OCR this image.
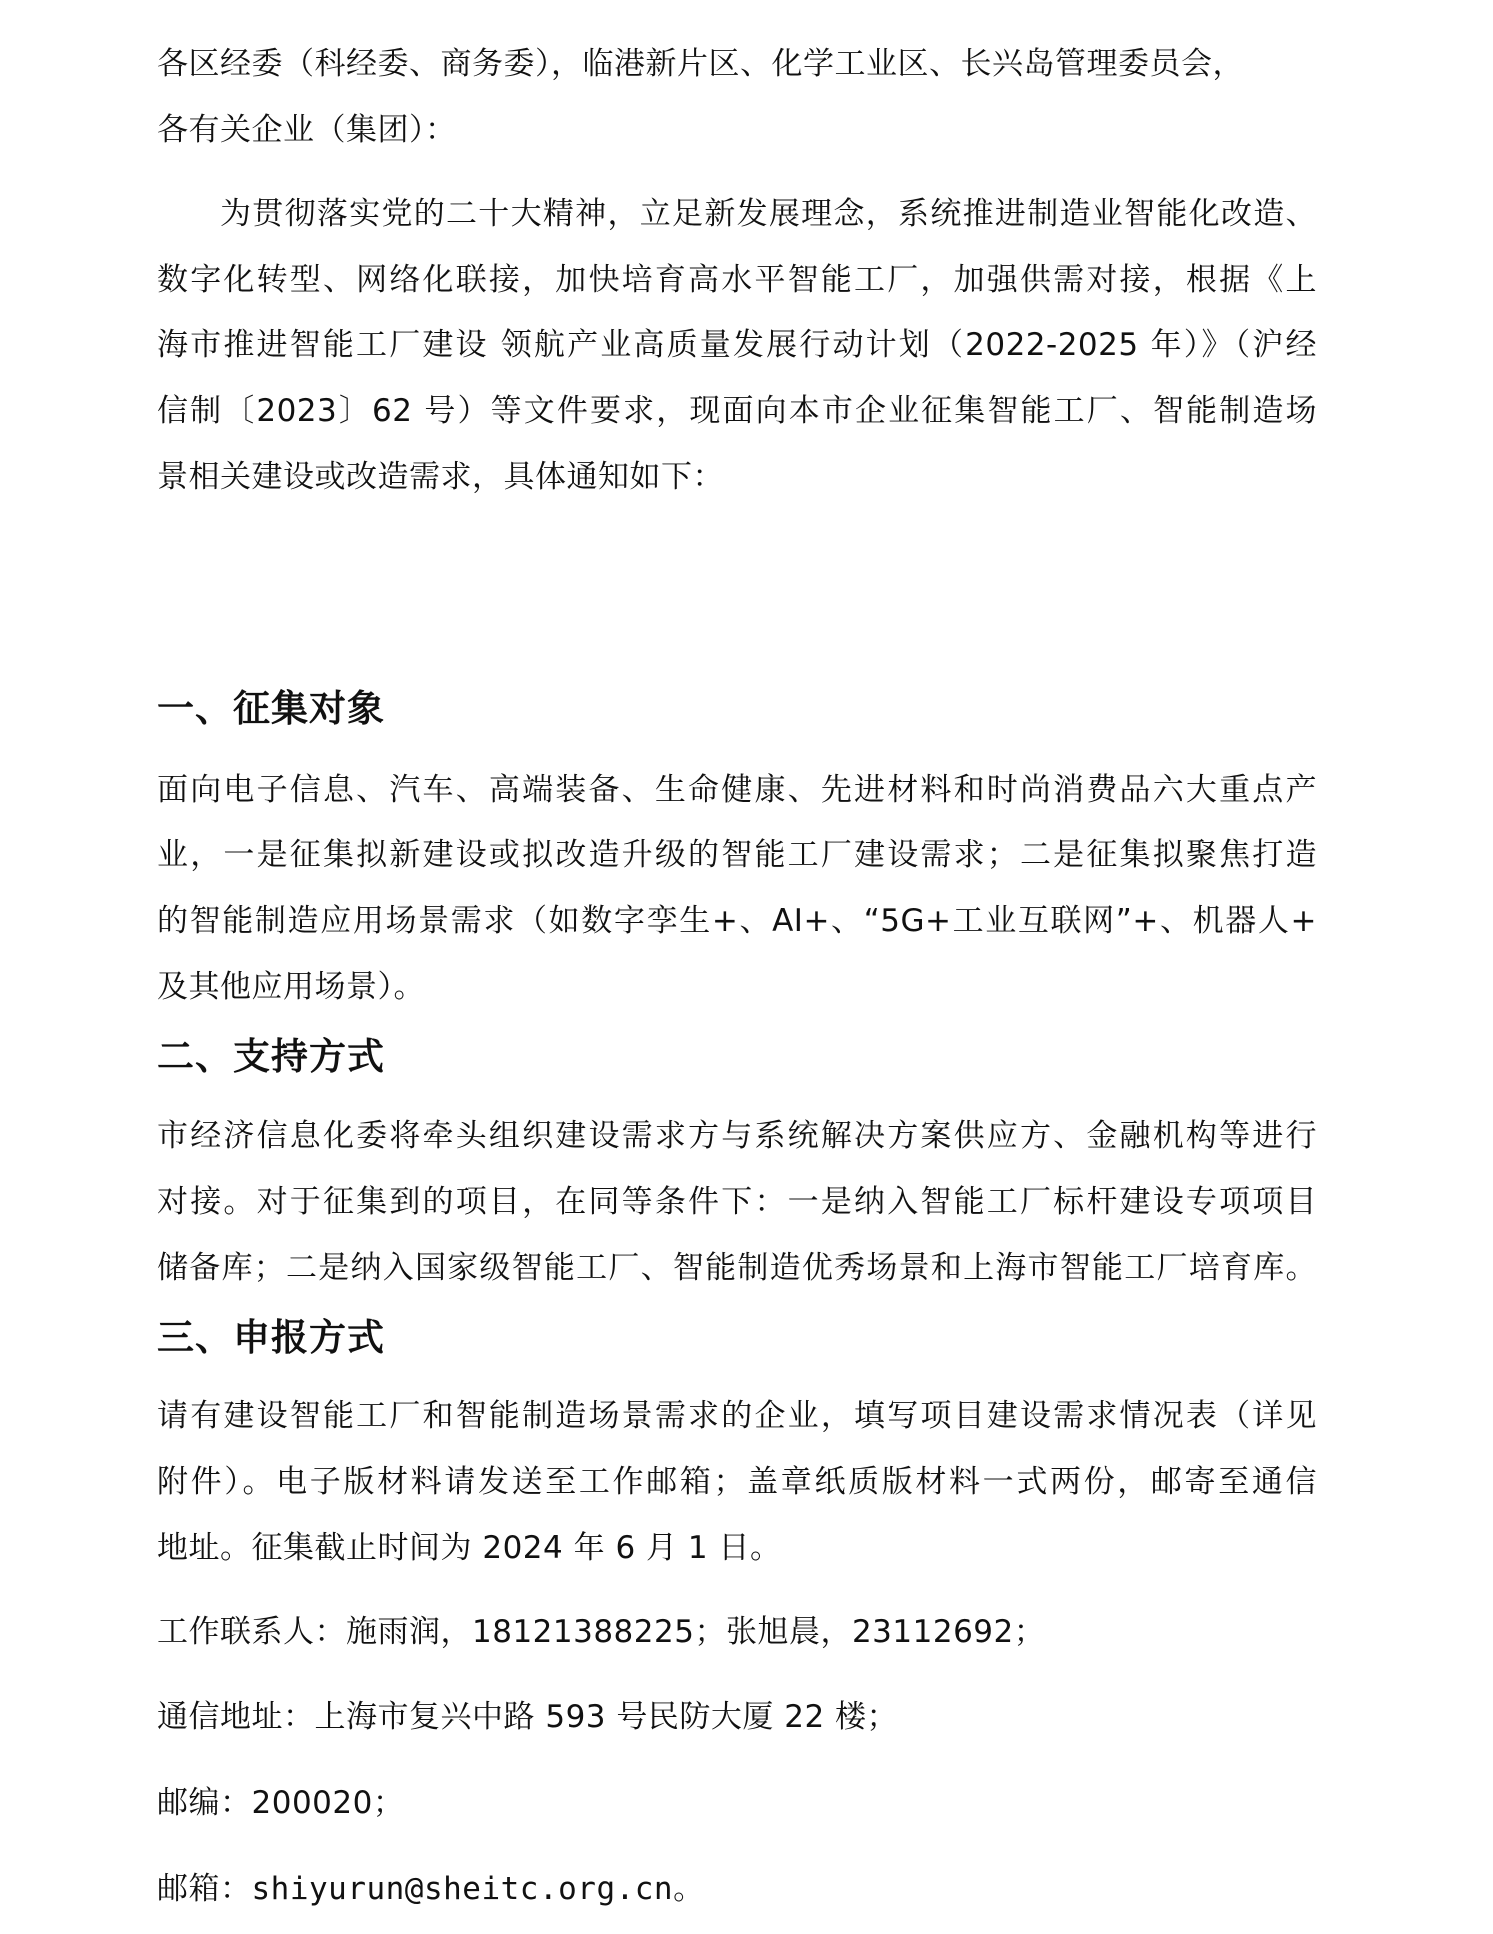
各区经委（科经委、商务委），临港新片区、化学工业区、长兴岛管理委员会，
各有关企业（集团）：
为贯彻落实党的二十大精神，立足新发展理念，系统推进制造业智能化改造、
数字化转型、网络化联接，加快培育高水平智能工厂，加强供需对接，根据《上
海市推进智能工厂建设 领航产业高质量发展行动计划（2022-2025 年）》（沪经
信制〔2023〕62 号）等文件要求，现面向本市企业征集智能工厂、智能制造场
景相关建设或改造需求，具体通知如下：
一、征集对象
面向电子信息、汽车、高端装备、生命健康、先进材料和时尚消费品六大重点产
业，一是征集拟新建设或拟改造升级的智能工厂建设需求；二是征集拟聚焦打造
的智能制造应用场景需求（如数字孪生+、AI+、“5G+工业互联网”+、机器人+
及其他应用场景）。
二、支持方式
市经济信息化委将牵头组织建设需求方与系统解决方案供应方、金融机构等进行
对接。对于征集到的项目，在同等条件下：一是纳入智能工厂标杆建设专项项目
储备库；二是纳入国家级智能工厂、智能制造优秀场景和上海市智能工厂培育库。
三、申报方式
请有建设智能工厂和智能制造场景需求的企业，填写项目建设需求情况表（详见
附件）。电子版材料请发送至工作邮箱；盖章纸质版材料一式两份，邮寄至通信
地址。征集截止时间为 2024 年 6 月 1 日。
工作联系人：施雨润，18121388225；张旭晨，23112692；
通信地址：上海市复兴中路 593 号民防大厦 22 楼；
邮编：200020；
邮箱：shiyurun@sheitc.org.cn。
